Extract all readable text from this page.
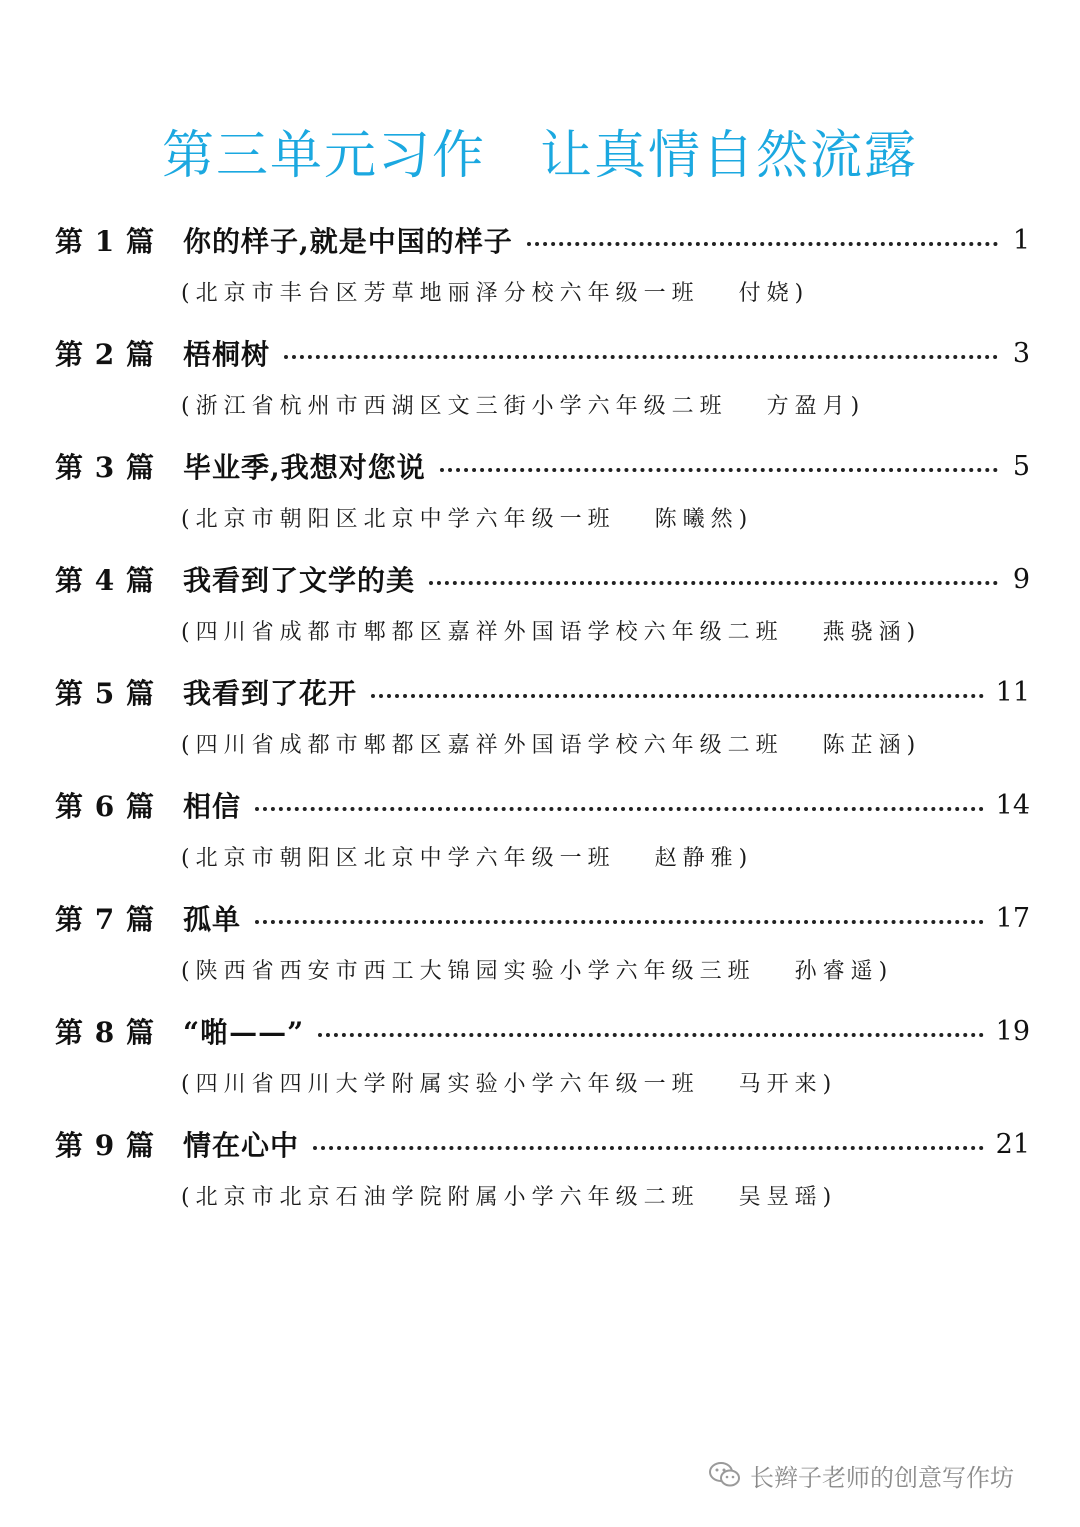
第三单元习作　让真情自然流露
第 1 篇	你的样子,就是中国的样子	1
(北京市丰台区芳草地丽泽分校六年级一班 付娆)
第 2 篇	梧桐树	3
(浙江省杭州市西湖区文三街小学六年级二班 方盈月)
第 3 篇	毕业季,我想对您说	5
(北京市朝阳区北京中学六年级一班 陈曦然)
第 4 篇	我看到了文学的美	9
(四川省成都市郫都区嘉祥外国语学校六年级二班 燕骁涵)
第 5 篇	我看到了花开	11
(四川省成都市郫都区嘉祥外国语学校六年级二班 陈芷涵)
第 6 篇	相信	14
(北京市朝阳区北京中学六年级一班 赵静雅)
第 7 篇	孤单	17
(陕西省西安市西工大锦园实验小学六年级三班 孙睿遥)
第 8 篇	“啪——”	19
(四川省四川大学附属实验小学六年级一班 马开来)
第 9 篇	情在心中	21
(北京市北京石油学院附属小学六年级二班 吴昱瑶)
长辫子老师的创意写作坊
